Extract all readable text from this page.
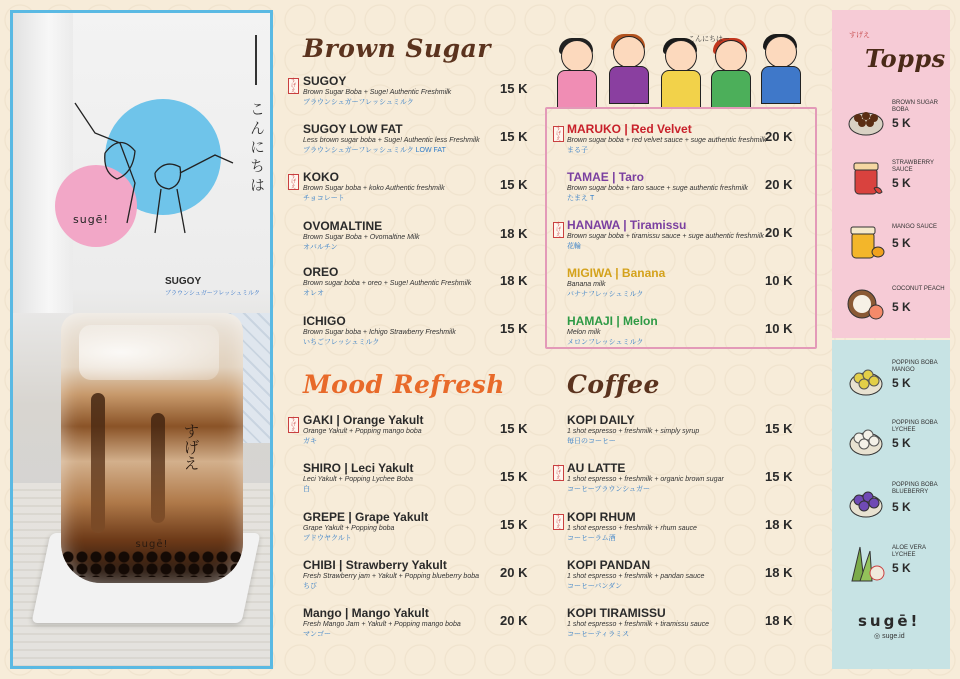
sugē!
こんにちは
SUGOY
ブラウンシュガーフレッシュミルク
すげえ
sugē!
Brown Sugar
すげえ
SUGOY
Brown Sugar Boba + Suge! Authentic Freshmilk
ブラウンシュガーフレッシュミルク
15 K
SUGOY LOW FAT
Less brown sugar boba + Suge! Authentic less Freshmilk
ブラウンシュガーフレッシュミルク LOW FAT
15 K
すげえ
KOKO
Brown Sugar boba + koko Authentic freshmilk
チョコレート
15 K
OVOMALTINE
Brown Sugar Boba + Ovomaltine Milk
オバルチン
18 K
OREO
Brown sugar boba + oreo + Suge! Authentic Freshmilk
オレオ
18 K
ICHIGO
Brown Sugar boba + Ichigo Strawberry Freshmilk
いちごフレッシュミルク
15 K
こんにちはー
すげえ
MARUKO | Red Velvet
Brown sugar boba + red velvet sauce + suge authentic freshmilk
まる子
20 K
TAMAE | Taro
Brown sugar boba + taro sauce + suge authentic freshmilk
たまえ T
20 K
すげえ
HANAWA | Tiramissu
Brown sugar boba + tiramissu sauce + suge authentic freshmilk
花輪
20 K
MIGIWA | Banana
Banana milk
バナナフレッシュミルク
10 K
HAMAJI | Melon
Melon milk
メロンフレッシュミルク
10 K
Mood Refresh
すげえ
GAKI | Orange Yakult
Orange Yakult + Popping mango boba
ガキ
15 K
SHIRO | Leci Yakult
Leci Yakult + Popping Lychee Boba
白
15 K
GREPE | Grape Yakult
Grape Yakult + Popping boba
ブドウヤクルト
15 K
CHIBI | Strawberry Yakult
Fresh Strawberry jam + Yakult + Popping blueberry boba
ちび
20 K
Mango | Mango Yakult
Fresh Mango Jam + Yakult + Popping mango boba
マンゴー
20 K
Coffee
KOPI DAILY
1 shot espresso + freshmilk + simply syrup
毎日のコーヒー
15 K
すげえ
AU LATTE
1 shot espresso + freshmilk + organic brown sugar
コーヒーブラウンシュガー
15 K
すげえ
KOPI RHUM
1 shot espresso + freshmilk + rhum sauce
コーヒーラム酒
18 K
KOPI PANDAN
1 shot espresso + freshmilk + pandan sauce
コーヒーパンダン
18 K
KOPI TIRAMISSU
1 shot espresso + freshmilk + tiramissu sauce
コーヒーティラミス
18 K
すげえ
Topps
BROWN SUGAR BOBA
5 K
STRAWBERRY SAUCE
5 K
MANGO SAUCE
5 K
COCONUT PEACH
5 K
POPPING BOBA MANGO
5 K
POPPING BOBA LYCHEE
5 K
POPPING BOBA BLUEBERRY
5 K
ALOE VERA LYCHEE
5 K
sugē!
◎ suge.id
